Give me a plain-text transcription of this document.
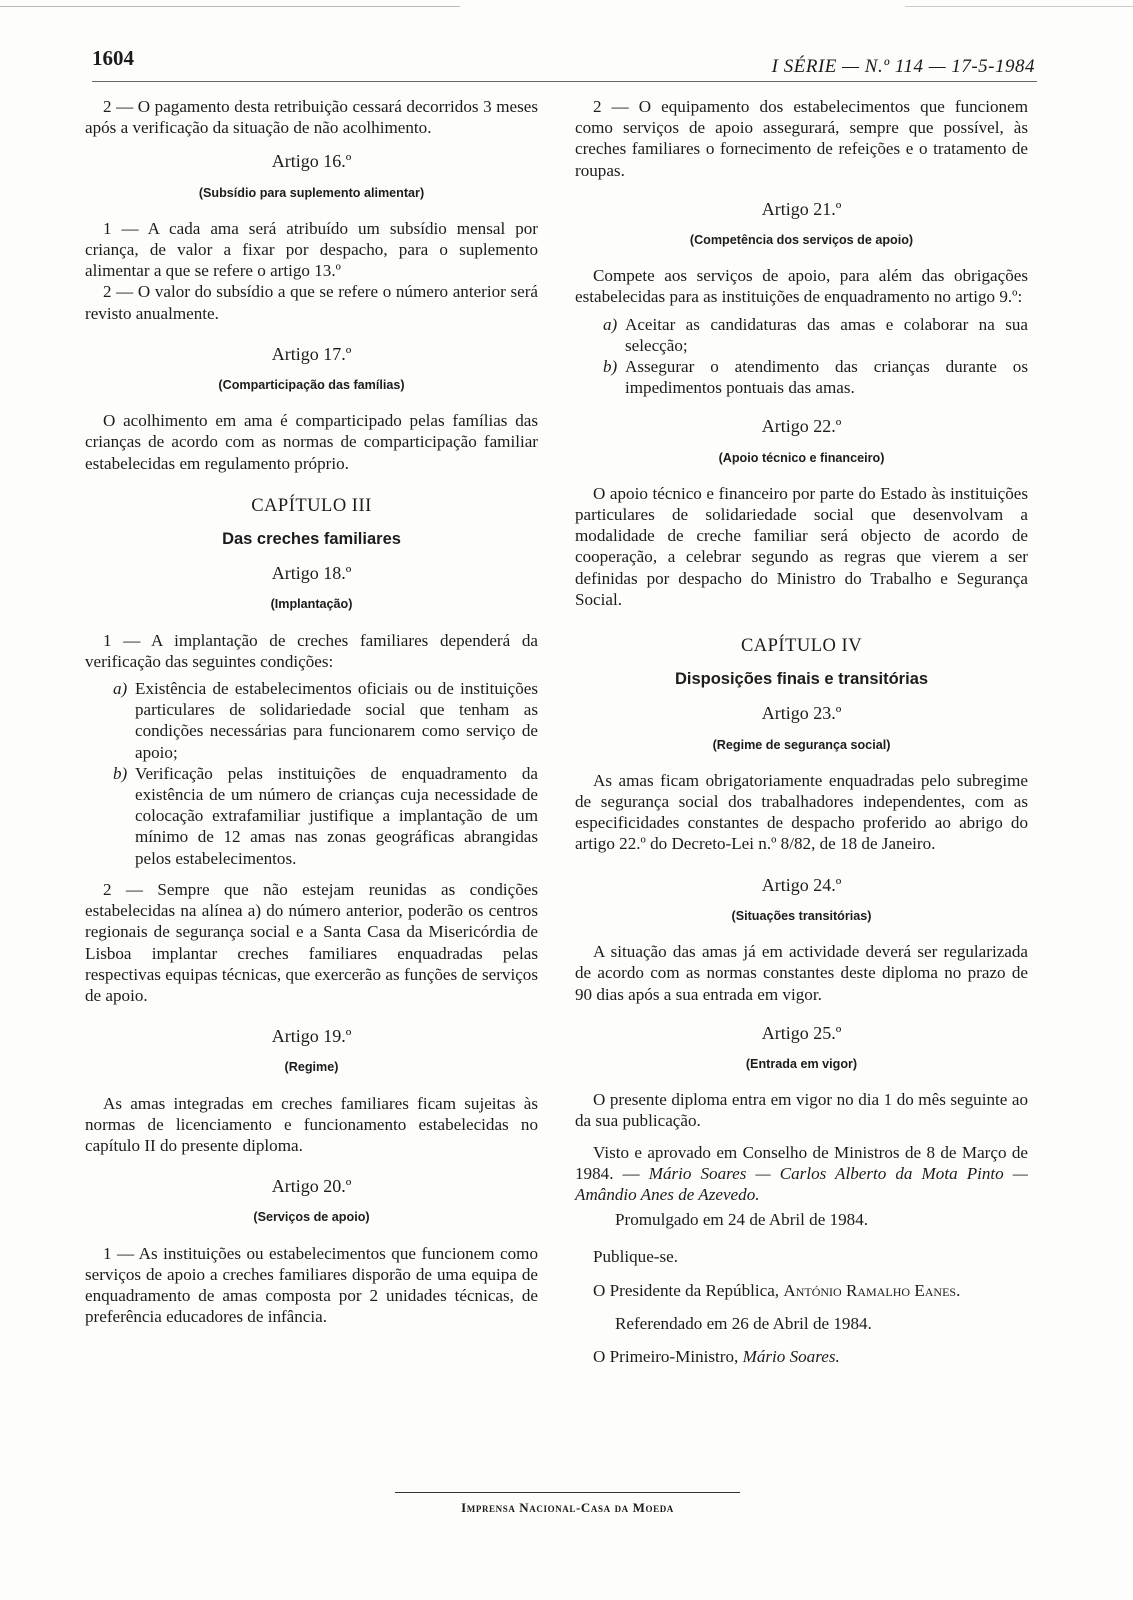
1604	I SÉRIE — N.º 114 — 17-5-1984

2 — O pagamento desta retribuição cessará decorridos 3 meses após a verificação da situação de não acolhimento.

Artigo 16.º
(Subsídio para suplemento alimentar)

1 — A cada ama será atribuído um subsídio mensal por criança, de valor a fixar por despacho, para o suplemento alimentar a que se refere o artigo 13.º

2 — O valor do subsídio a que se refere o número anterior será revisto anualmente.

Artigo 17.º
(Comparticipação das famílias)

O acolhimento em ama é comparticipado pelas famílias das crianças de acordo com as normas de comparticipação familiar estabelecidas em regulamento próprio.

CAPÍTULO III
Das creches familiares
Artigo 18.º
(Implantação)

1 — A implantação de creches familiares dependerá da verificação das seguintes condições:

a) Existência de estabelecimentos oficiais ou de instituições particulares de solidariedade social que tenham as condições necessárias para funcionarem como serviço de apoio;
b) Verificação pelas instituições de enquadramento da existência de um número de crianças cuja necessidade de colocação extrafamiliar justifique a implantação de um mínimo de 12 amas nas zonas geográficas abrangidas pelos estabelecimentos.

2 — Sempre que não estejam reunidas as condições estabelecidas na alínea a) do número anterior, poderão os centros regionais de segurança social e a Santa Casa da Misericórdia de Lisboa implantar creches familiares enquadradas pelas respectivas equipas técnicas, que exercerão as funções de serviços de apoio.

Artigo 19.º
(Regime)

As amas integradas em creches familiares ficam sujeitas às normas de licenciamento e funcionamento estabelecidas no capítulo II do presente diploma.

Artigo 20.º
(Serviços de apoio)

1 — As instituições ou estabelecimentos que funcionem como serviços de apoio a creches familiares disporão de uma equipa de enquadramento de amas composta por 2 unidades técnicas, de preferência educadores de infância.

2 — O equipamento dos estabelecimentos que funcionem como serviços de apoio assegurará, sempre que possível, às creches familiares o fornecimento de refeições e o tratamento de roupas.

Artigo 21.º
(Competência dos serviços de apoio)

Compete aos serviços de apoio, para além das obrigações estabelecidas para as instituições de enquadramento no artigo 9.º:

a) Aceitar as candidaturas das amas e colaborar na sua selecção;
b) Assegurar o atendimento das crianças durante os impedimentos pontuais das amas.
Artigo 22.º
(Apoio técnico e financeiro)

O apoio técnico e financeiro por parte do Estado às instituições particulares de solidariedade social que desenvolvam a modalidade de creche familiar será objecto de acordo de cooperação, a celebrar segundo as regras que vierem a ser definidas por despacho do Ministro do Trabalho e Segurança Social.

CAPÍTULO IV
Disposições finais e transitórias
Artigo 23.º
(Regime de segurança social)

As amas ficam obrigatoriamente enquadradas pelo subregime de segurança social dos trabalhadores independentes, com as especificidades constantes de despacho proferido ao abrigo do artigo 22.º do Decreto-Lei n.º 8/82, de 18 de Janeiro.

Artigo 24.º
(Situações transitórias)

A situação das amas já em actividade deverá ser regularizada de acordo com as normas constantes deste diploma no prazo de 90 dias após a sua entrada em vigor.

Artigo 25.º
(Entrada em vigor)

O presente diploma entra em vigor no dia 1 do mês seguinte ao da sua publicação.

Visto e aprovado em Conselho de Ministros de 8 de Março de 1984. — Mário Soares — Carlos Alberto da Mota Pinto — Amândio Anes de Azevedo.

Promulgado em 24 de Abril de 1984.

Publique-se.

O Presidente da República, António Ramalho Eanes.

Referendado em 26 de Abril de 1984.

O Primeiro-Ministro, Mário Soares.

Imprensa Nacional-Casa da Moeda
